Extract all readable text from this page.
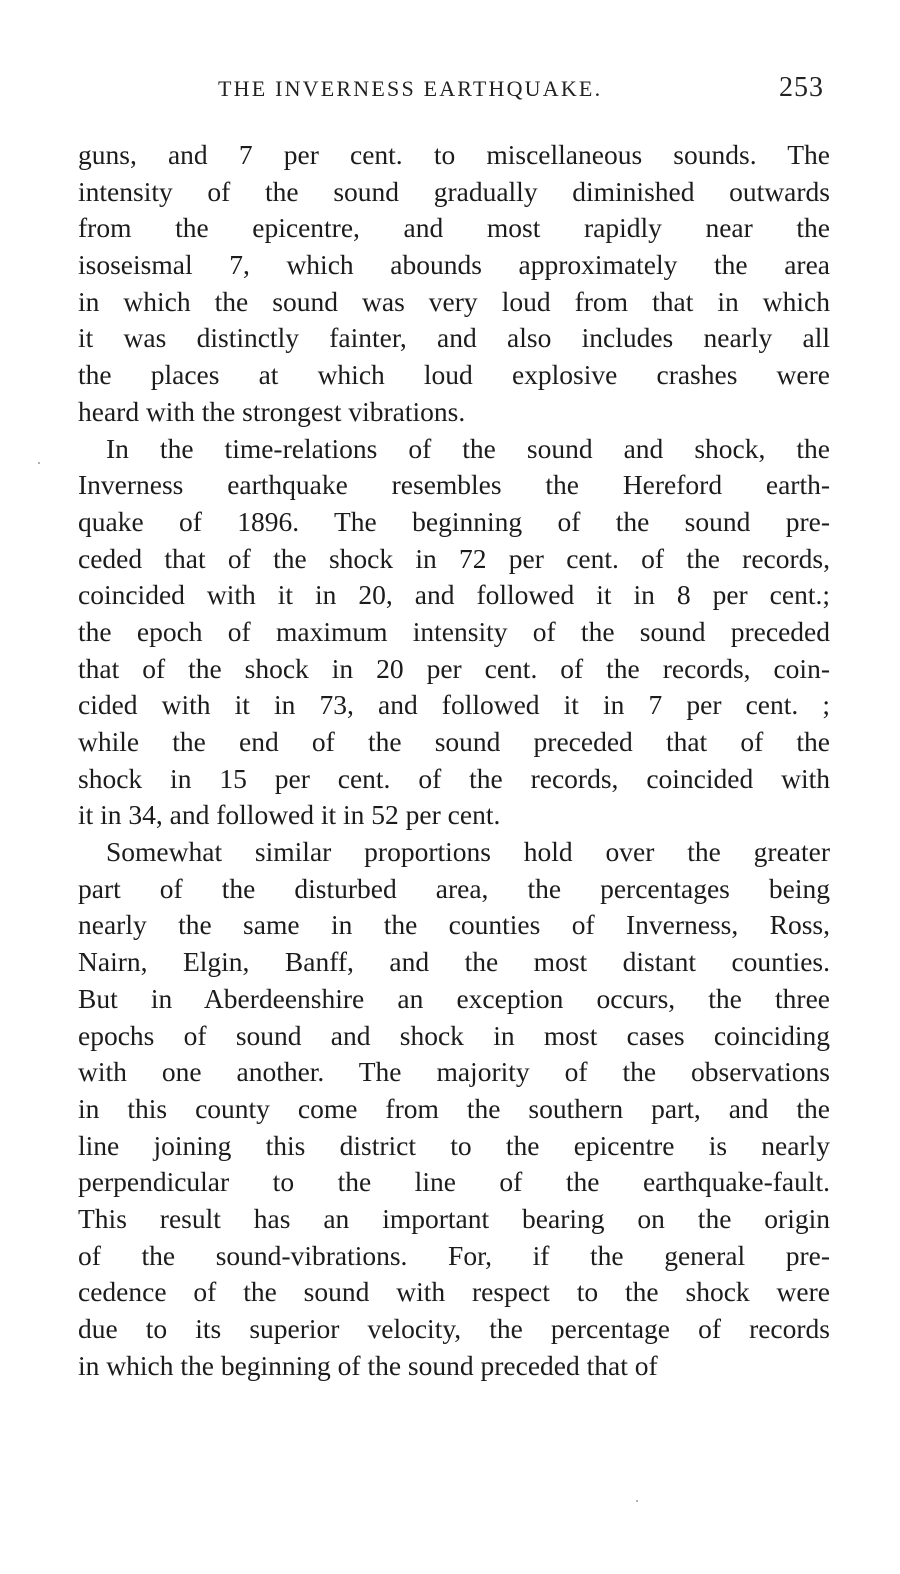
THE INVERNESS EARTHQUAKE.	253
guns, and 7 per cent. to miscellaneous sounds. The
intensity of the sound gradually diminished outwards
from the epicentre, and most rapidly near the
isoseismal 7, which abounds approximately the area
in which the sound was very loud from that in which
it was distinctly fainter, and also includes nearly all
the places at which loud explosive crashes were
heard with the strongest vibrations.
In the time-relations of the sound and shock, the
Inverness earthquake resembles the Hereford earth-
quake of 1896. The beginning of the sound pre-
ceded that of the shock in 72 per cent. of the records,
coincided with it in 20, and followed it in 8 per cent.;
the epoch of maximum intensity of the sound preceded
that of the shock in 20 per cent. of the records, coin-
cided with it in 73, and followed it in 7 per cent. ;
while the end of the sound preceded that of the
shock in 15 per cent. of the records, coincided with
it in 34, and followed it in 52 per cent.
Somewhat similar proportions hold over the greater
part of the disturbed area, the percentages being
nearly the same in the counties of Inverness, Ross,
Nairn, Elgin, Banff, and the most distant counties.
But in Aberdeenshire an exception occurs, the three
epochs of sound and shock in most cases coinciding
with one another. The majority of the observations
in this county come from the southern part, and the
line joining this district to the epicentre is nearly
perpendicular to the line of the earthquake-fault.
This result has an important bearing on the origin
of the sound-vibrations. For, if the general pre-
cedence of the sound with respect to the shock were
due to its superior velocity, the percentage of records
in which the beginning of the sound preceded that of
